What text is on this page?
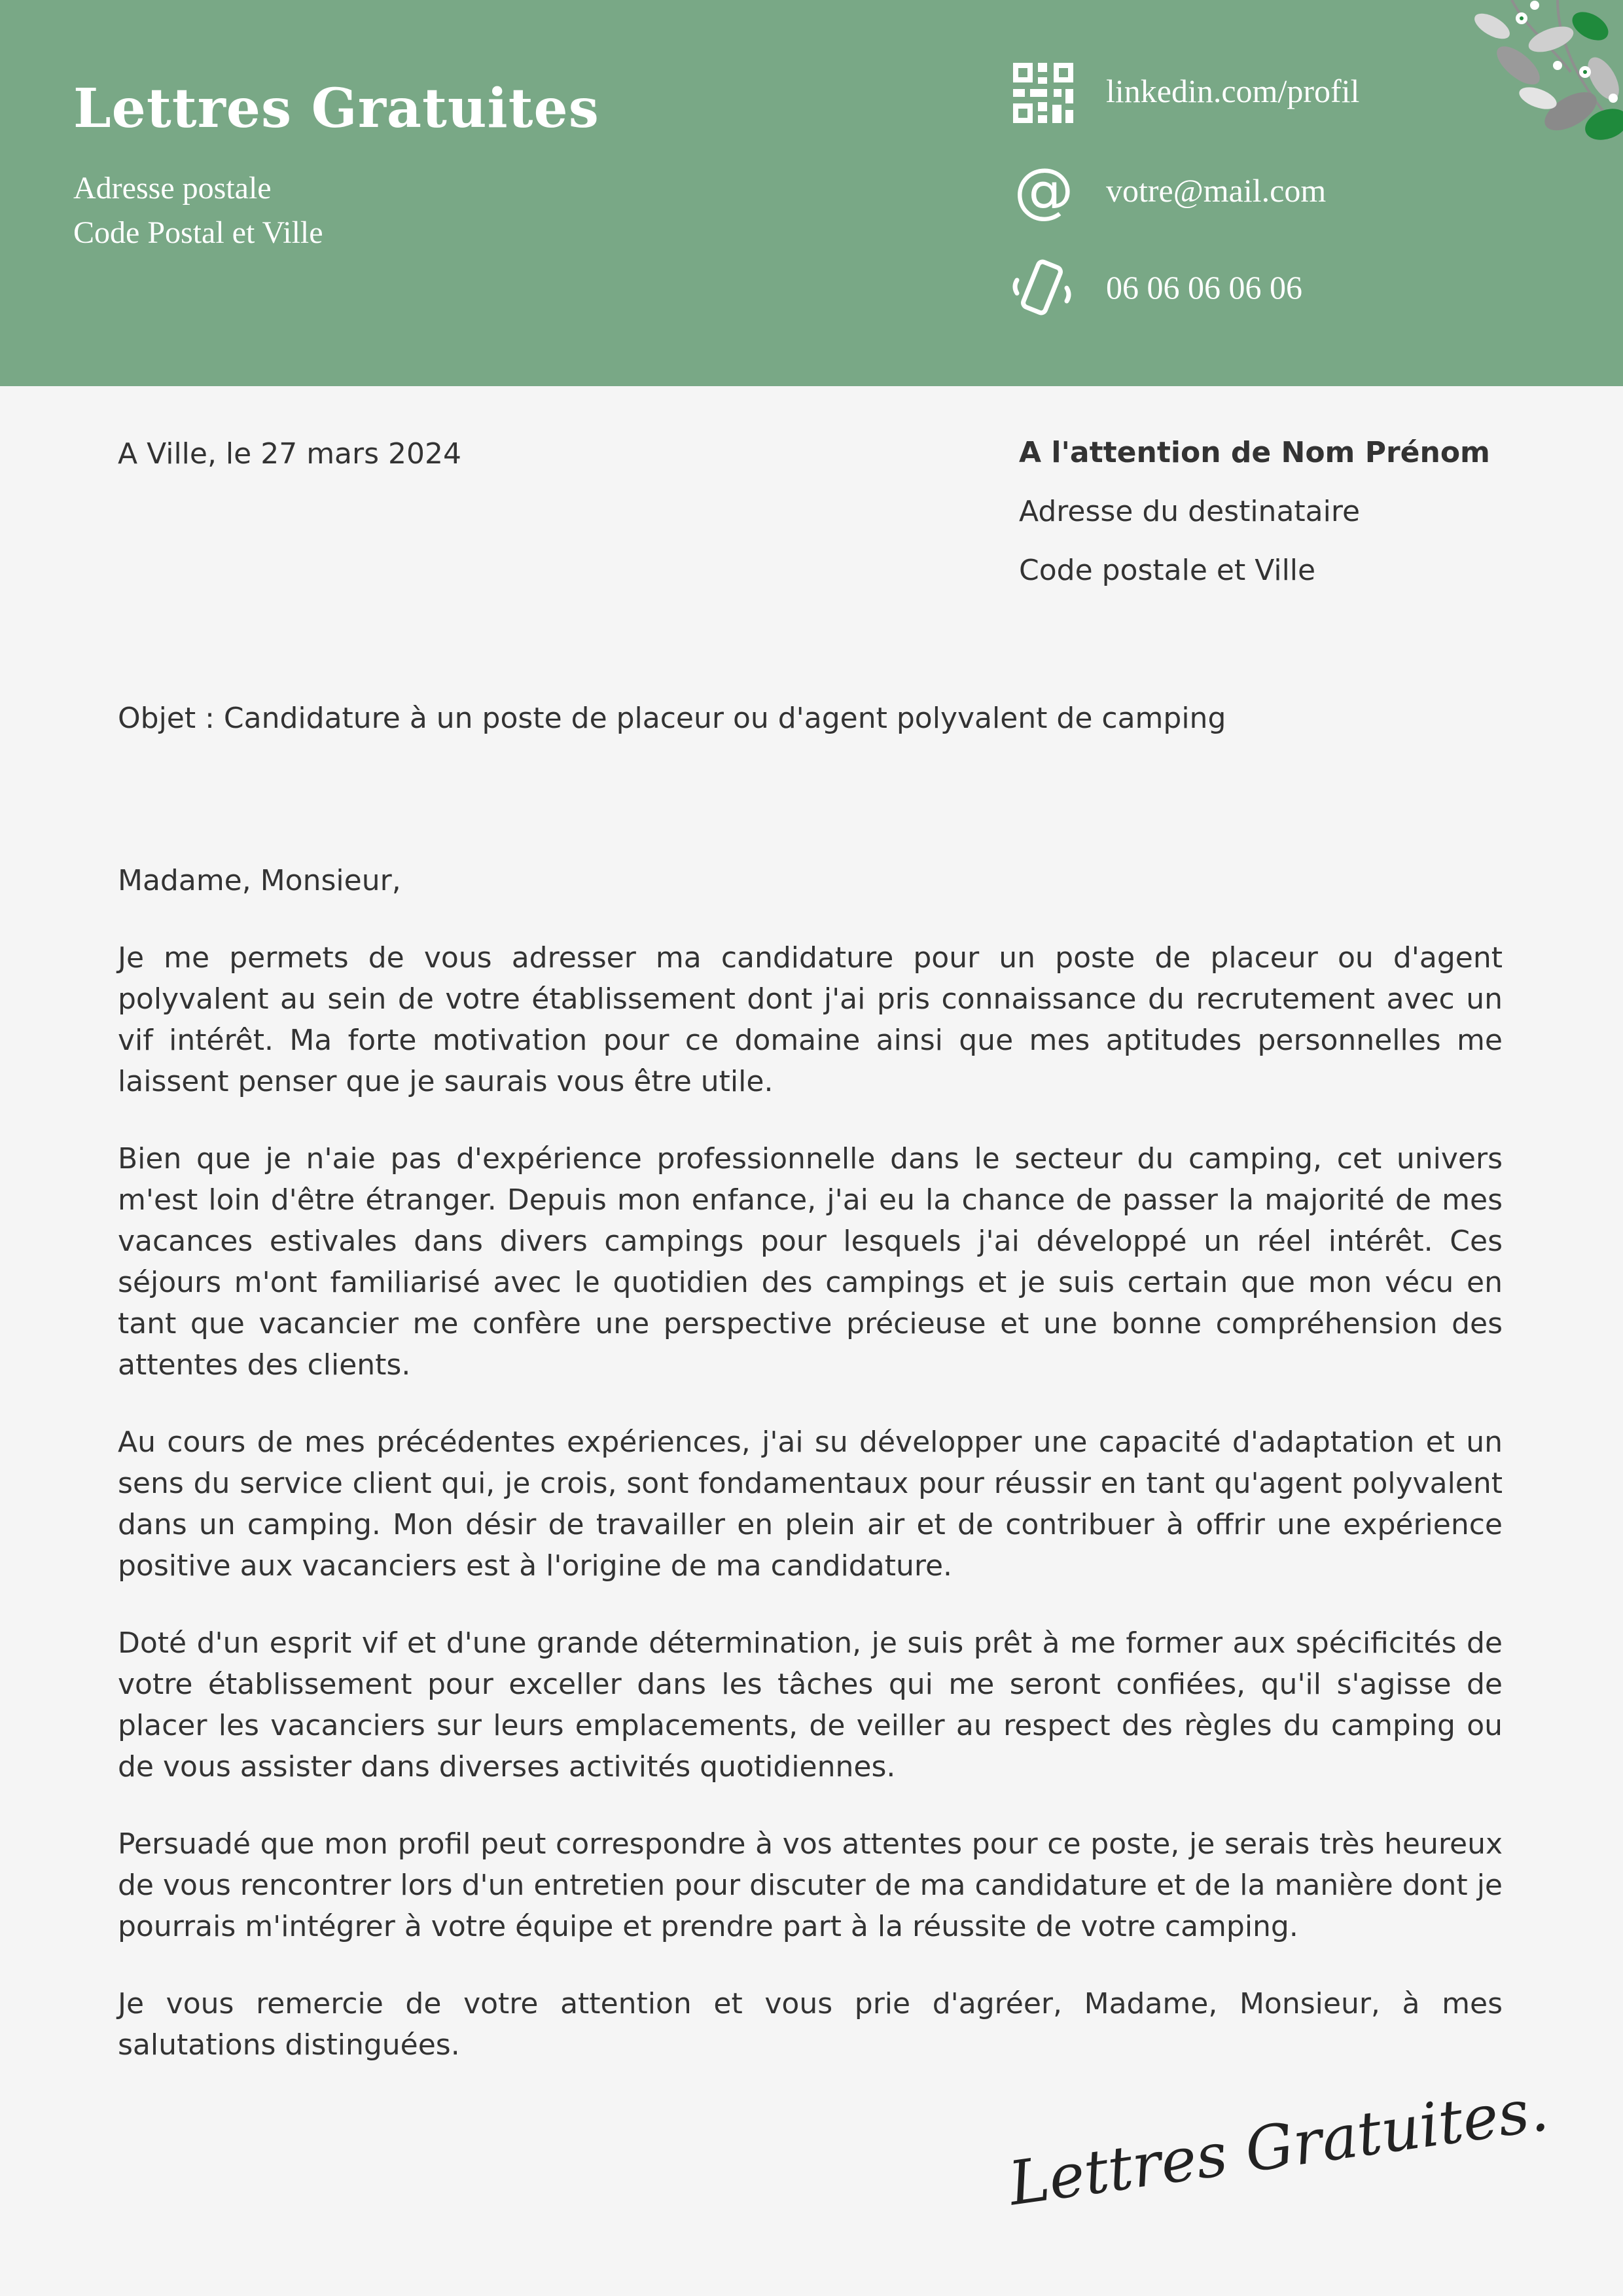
Lettres Gratuites
Adresse postale
Code Postal et Ville
linkedin.com/profil
@ votre@mail.com
06 06 06 06 06
A Ville, le 27 mars 2024	A l'attention de Nom Prénom
Adresse du destinataire
Code postale et Ville
Objet : Candidature à un poste de placeur ou d'agent polyvalent de camping

Madame, Monsieur,

Je me permets de vous adresser ma candidature pour un poste de placeur ou d'agent polyvalent au sein de votre établissement dont j'ai pris connaissance du recrutement avec un vif intérêt. Ma forte motivation pour ce domaine ainsi que mes aptitudes personnelles me laissent penser que je saurais vous être utile.

Bien que je n'aie pas d'expérience professionnelle dans le secteur du camping, cet univers m'est loin d'être étranger. Depuis mon enfance, j'ai eu la chance de passer la majorité de mes vacances estivales dans divers campings pour lesquels j'ai développé un réel intérêt. Ces séjours m'ont familiarisé avec le quotidien des campings et je suis certain que mon vécu en tant que vacancier me confère une perspective précieuse et une bonne compréhension des attentes des clients.

Au cours de mes précédentes expériences, j'ai su développer une capacité d'adaptation et un sens du service client qui, je crois, sont fondamentaux pour réussir en tant qu'agent polyvalent dans un camping. Mon désir de travailler en plein air et de contribuer à offrir une expérience positive aux vacanciers est à l'origine de ma candidature.

Doté d'un esprit vif et d'une grande détermination, je suis prêt à me former aux spécificités de votre établissement pour exceller dans les tâches qui me seront confiées, qu'il s'agisse de placer les vacanciers sur leurs emplacements, de veiller au respect des règles du camping ou de vous assister dans diverses activités quotidiennes.

Persuadé que mon profil peut correspondre à vos attentes pour ce poste, je serais très heureux de vous rencontrer lors d'un entretien pour discuter de ma candidature et de la manière dont je pourrais m'intégrer à votre équipe et prendre part à la réussite de votre camping.

Je vous remercie de votre attention et vous prie d'agréer, Madame, Monsieur, à mes salutations distinguées.

Lettres Gratuites.
